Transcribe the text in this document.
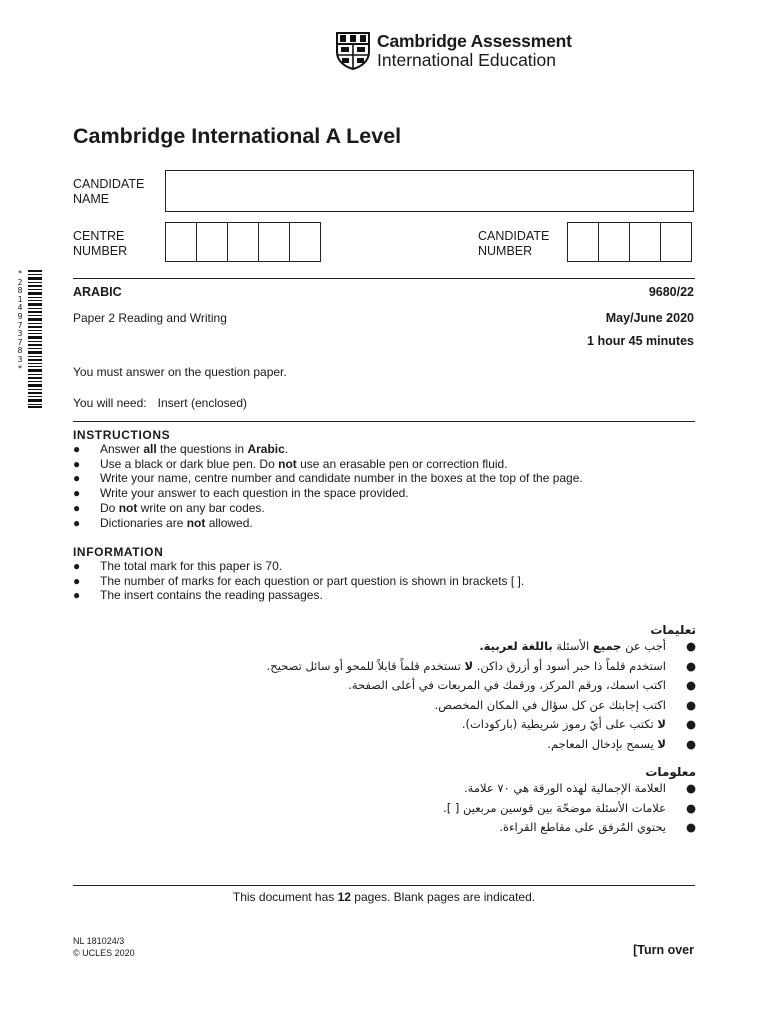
Cambridge Assessment
International Education
Cambridge International A Level
CANDIDATE
NAME
CENTRE
NUMBER
CANDIDATE
NUMBER
*
2
8
1
4
9
7
3
7
8
3
*
ARABIC	9680/22
Paper 2 Reading and Writing	May/June 2020
1 hour 45 minutes
You must answer on the question paper.
You will need: Insert (enclosed)
INSTRUCTIONS
● Answer all the questions in Arabic.
● Use a black or dark blue pen. Do not use an erasable pen or correction fluid.
● Write your name, centre number and candidate number in the boxes at the top of the page.
● Write your answer to each question in the space provided.
● Do not write on any bar codes.
● Dictionaries are not allowed.
INFORMATION
● The total mark for this paper is 70.
● The number of marks for each question or part question is shown in brackets [ ].
● The insert contains the reading passages.
تعليمات
●
أجب عن جميع الأسئلة باللغة لعربية.
●
استخدم قلماً ذا حبر أسود أو أزرق داكن. لا تستخدم قلماً قابلاً للمحو أو سائل تصحيح.
●
اكتب اسمك، ورقم المركز، ورقمك في المربعات في أعلى الصفحة.
●
اكتب إجابتك عن كل سؤال في المكان المخصص.
●
لا تكتب على أيّ رموز شريطية (باركودات).
●
لا يسمح بإدخال المعاجم.
معلومات
●
العلامة الإجمالية لهذه الورقة هي ٧٠ علامة.
●
علامات الأسئلة موضحّة بين قوسين مربعين [ ].
●
يحتوي المُرفق على مقاطع القراءة.
This document has 12 pages. Blank pages are indicated.
NL 181024/3
© UCLES 2020	[Turn over
